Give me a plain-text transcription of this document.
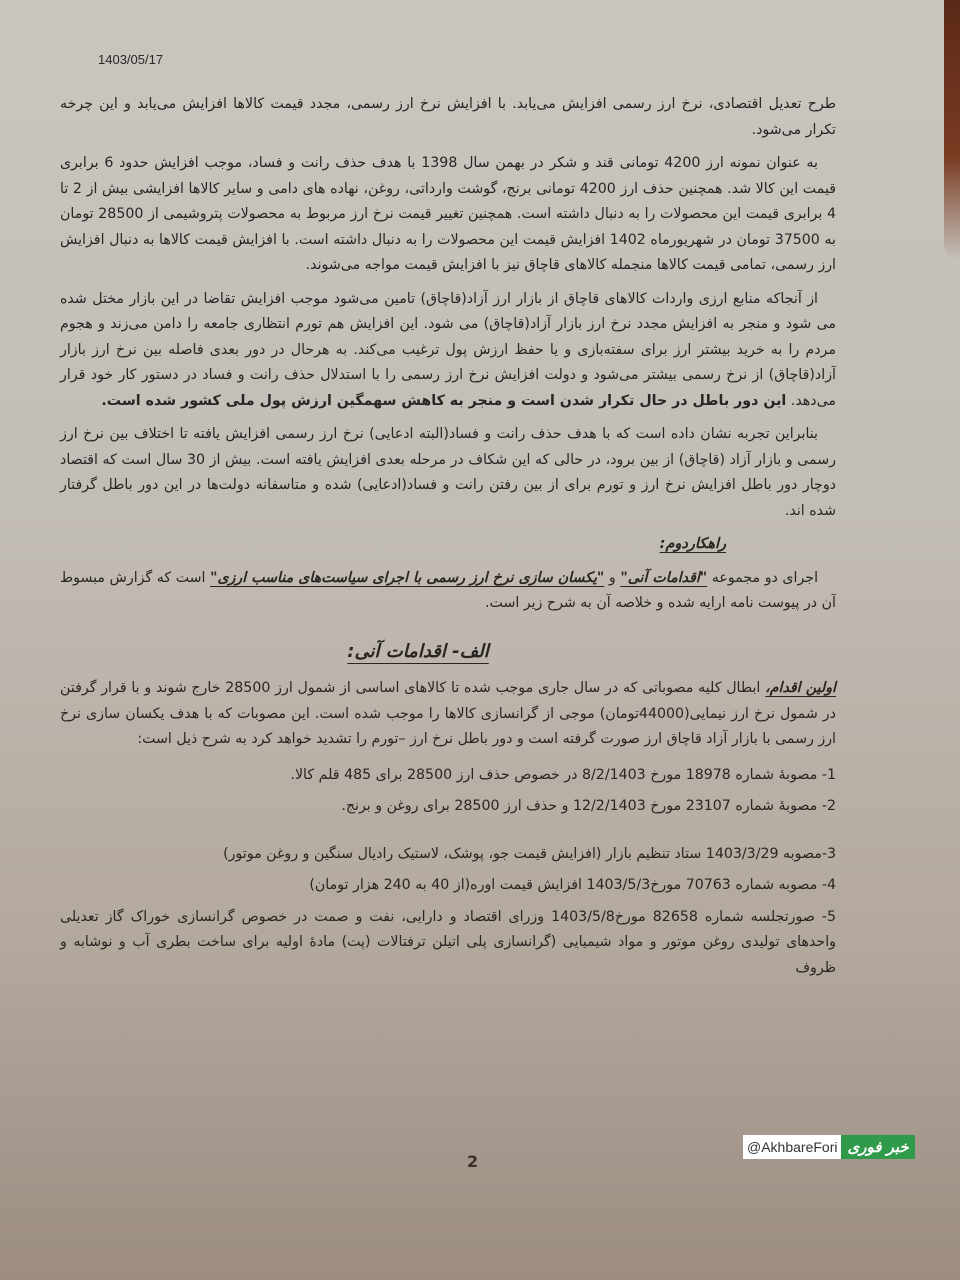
1403/05/17

طرح تعدیل اقتصادی، نرخ ارز رسمی افزایش می‌یابد. با افزایش نرخ ارز رسمی، مجدد قیمت کالاها افزایش می‌یابد و این چرخه تکرار می‌شود.

به عنوان نمونه ارز 4200 تومانی قند و شکر در بهمن سال 1398 با هدف حذف رانت و فساد، موجب افزایش حدود 6 برابری قیمت این کالا شد. همچنین حذف ارز 4200 تومانی برنج، گوشت وارداتی، روغن، نهاده های دامی و سایر کالاها افزایشی بیش از 2 تا 4 برابری قیمت این محصولات را به دنبال داشته است. همچنین تغییر قیمت نرخ ارز مربوط به محصولات پتروشیمی از 28500 تومان به 37500 تومان در شهریورماه 1402 افزایش قیمت این محصولات را به دنبال داشته است. با افزایش قیمت کالاها به دنبال افزایش ارز رسمی، تمامی قیمت کالاها منجمله کالاهای قاچاق نیز با افزایش قیمت مواجه می‌شوند.

از آنجاکه منابع ارزی واردات کالاهای قاچاق از بازار ارز آزاد(قاچاق) تامین می‌شود موجب افزایش تقاضا در این بازار مختل شده می شود و منجر به افزایش مجدد نرخ ارز بازار آزاد(قاچاق) می شود. این افزایش هم تورم انتظاری جامعه را دامن می‌زند و هجوم مردم را به خرید بیشتر ارز برای سفته‌بازی و یا حفظ ارزش پول ترغیب می‌کند. به هرحال در دور بعدی فاصله بین نرخ ارز بازار آزاد(قاچاق) از نرخ رسمی بیشتر می‌شود و دولت افزایش نرخ ارز رسمی را با استدلال حذف رانت و فساد در دستور کار خود قرار می‌دهد. این دور باطل در حال تکرار شدن است و منجر به کاهش سهمگین ارزش پول ملی کشور شده است.

بنابراین تجربه نشان داده است که با هدف حذف رانت و فساد(البته ادعایی) نرخ ارز رسمی افزایش یافته تا اختلاف بین نرخ ارز رسمی و بازار آزاد (قاچاق) از بین برود، در حالی که این شکاف در مرحله بعدی افزایش یافته است. بیش از 30 سال است که اقتصاد دوچار دور باطل افزایش نرخ ارز و تورم برای از بین رفتن رانت و فساد(ادعایی) شده و متاسفانه دولت‌ها در این دور باطل گرفتار شده اند.

راهکاردوم:

اجرای دو مجموعه "اقدامات آنی" و "یکسان سازی نرخ ارز رسمی با اجرای سیاست‌های مناسب ارزی" است که گزارش مبسوط آن در پیوست نامه ارایه شده و خلاصه آن به شرح زیر است.

الف- اقدامات آنی:

اولین اقدام، ابطال کلیه مصوباتی که در سال جاری موجب شده تا کالاهای اساسی از شمول ارز 28500 خارج شوند و با قرار گرفتن در شمول نرخ ارز نیمایی(44000تومان) موجی از گرانسازی کالاها را موجب شده است. این مصوبات که با هدف یکسان سازی نرخ ارز رسمی با بازار آزاد قاچاق ارز صورت گرفته است و دور باطل نرخ ارز –تورم را تشدید خواهد کرد به شرح ذیل است:

1- مصوبهٔ شماره 18978 مورخ 8/2/1403 در خصوص حذف ارز 28500 برای 485 قلم کالا.

2- مصوبهٔ شماره 23107 مورخ 12/2/1403 و حذف ارز 28500 برای روغن و برنج.

3-مصوبه 1403/3/29 ستاد تنظیم بازار (افزایش قیمت جو، پوشک، لاستیک رادیال سنگین و روغن موتور)

4- مصوبه شماره 70763 مورخ1403/5/3 افزایش قیمت اوره(از 40 به 240 هزار تومان)

5- صورتجلسه شماره 82658 مورخ1403/5/8 وزرای اقتصاد و دارایی، نفت و صمت در خصوص گرانسازی خوراک گاز تعدیلی واحدهای تولیدی روغن موتور و مواد شیمیایی (گرانسازی پلی اتیلن ترفتالات (پت) مادهٔ اولیه برای ساخت بطری آب و نوشابه و ظروف

@AkhbareFori خبر فوری
2
